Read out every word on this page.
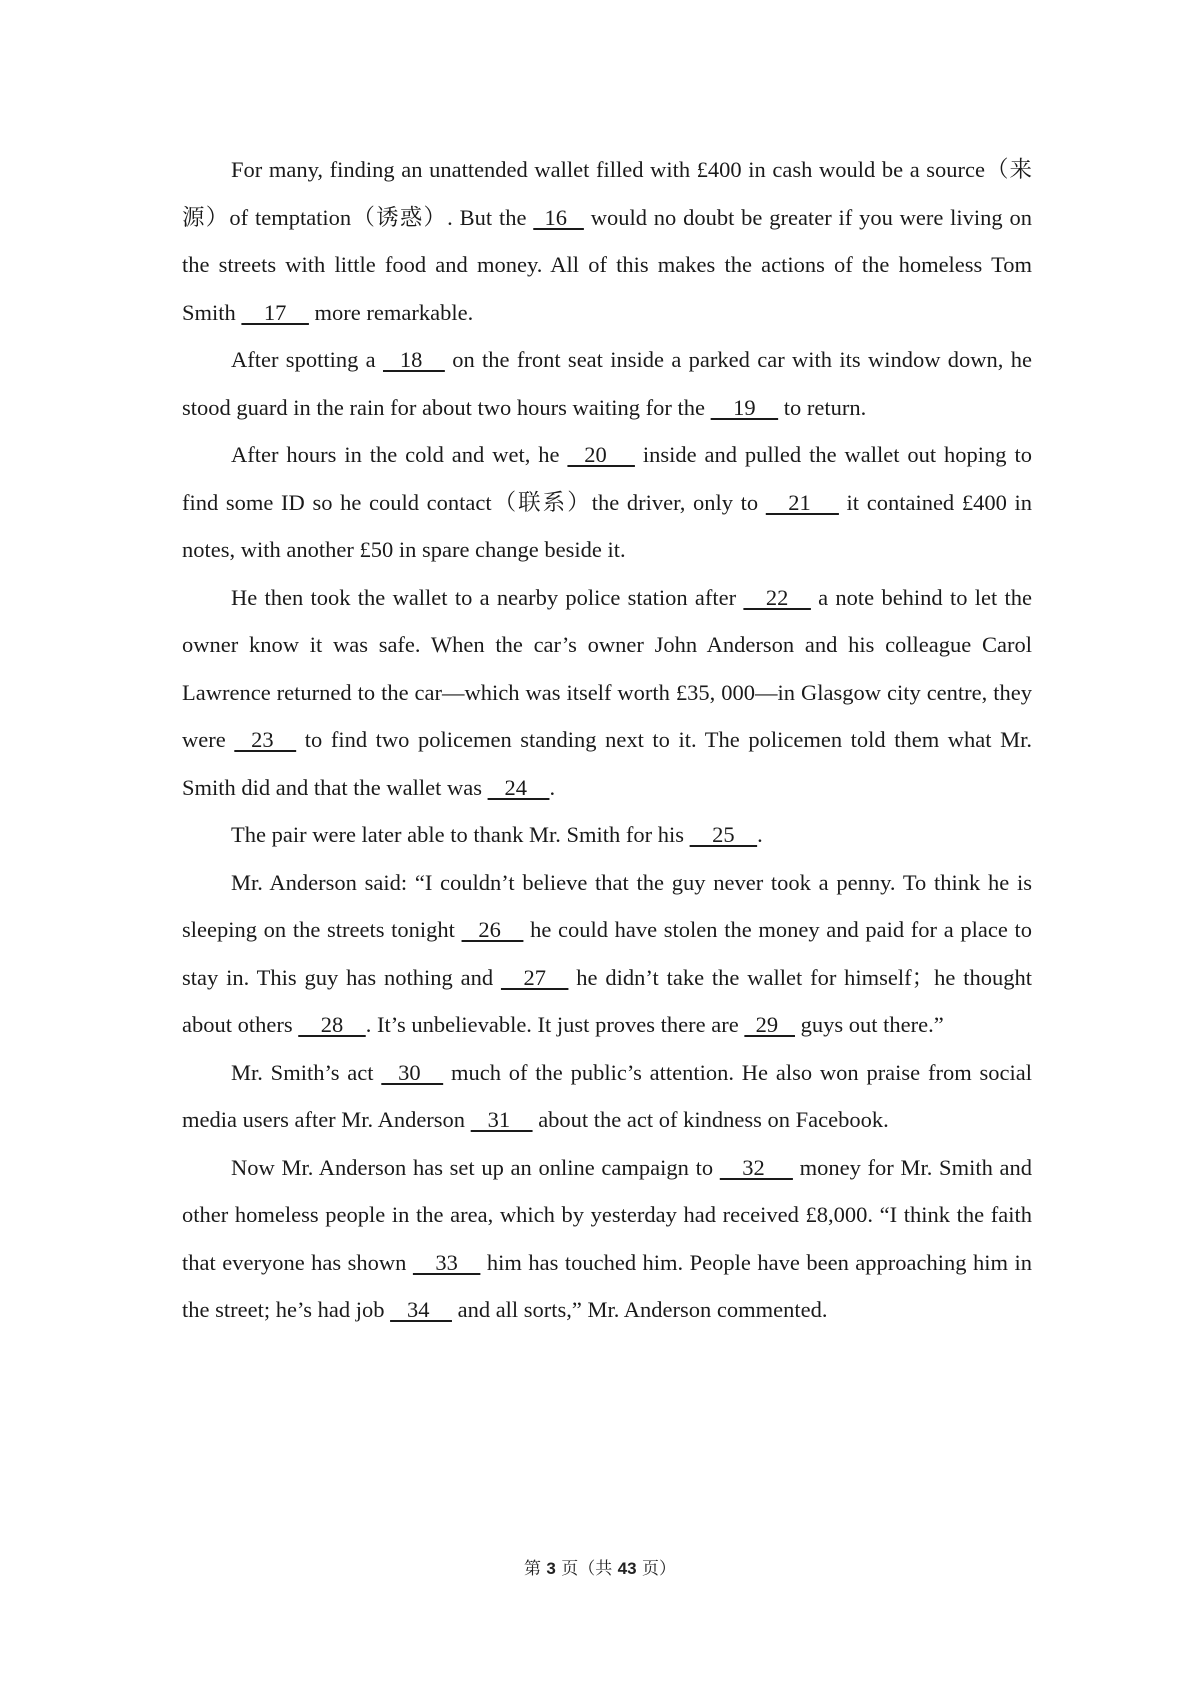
For many, finding an unattended wallet filled with £400 in cash would be a source（来源）of temptation（诱惑）. But the   16    would no doubt be greater if you were living on the streets with little food and money. All of this makes the actions of the homeless Tom Smith     17     more remarkable.

After spotting a    18     on the front seat inside a parked car with its window down, he stood guard in the rain for about two hours waiting for the     19     to return.

After hours in the cold and wet, he    20      inside and pulled the wallet out hoping to find some ID so he could contact（联系）the driver, only to     21      it contained £400 in notes, with another £50 in spare change beside it.

He then took the wallet to a nearby police station after     22     a note behind to let the owner know it was safe. When the car’s owner John Anderson and his colleague Carol Lawrence returned to the car—which was itself worth £35, 000—in Glasgow city centre, they were    23     to find two policemen standing next to it. The policemen told them what Mr. Smith did and that the wallet was    24    .

The pair were later able to thank Mr. Smith for his     25    .

Mr. Anderson said: “I couldn’t believe that the guy never took a penny. To think he is sleeping on the streets tonight    26     he could have stolen the money and paid for a place to stay in. This guy has nothing and     27     he didn’t take the wallet for himself；he thought about others     28    . It’s unbelievable. It just proves there are   29    guys out there.”

Mr. Smith’s act    30     much of the public’s attention. He also won praise from social media users after Mr. Anderson    31     about the act of kindness on Facebook.

Now Mr. Anderson has set up an online campaign to     32      money for Mr. Smith and other homeless people in the area, which by yesterday had received £8,000. “I think the faith that everyone has shown     33     him has touched him. People have been approaching him in the street; he’s had job    34     and all sorts,” Mr. Anderson commented.

第 3 页（共 43 页）
